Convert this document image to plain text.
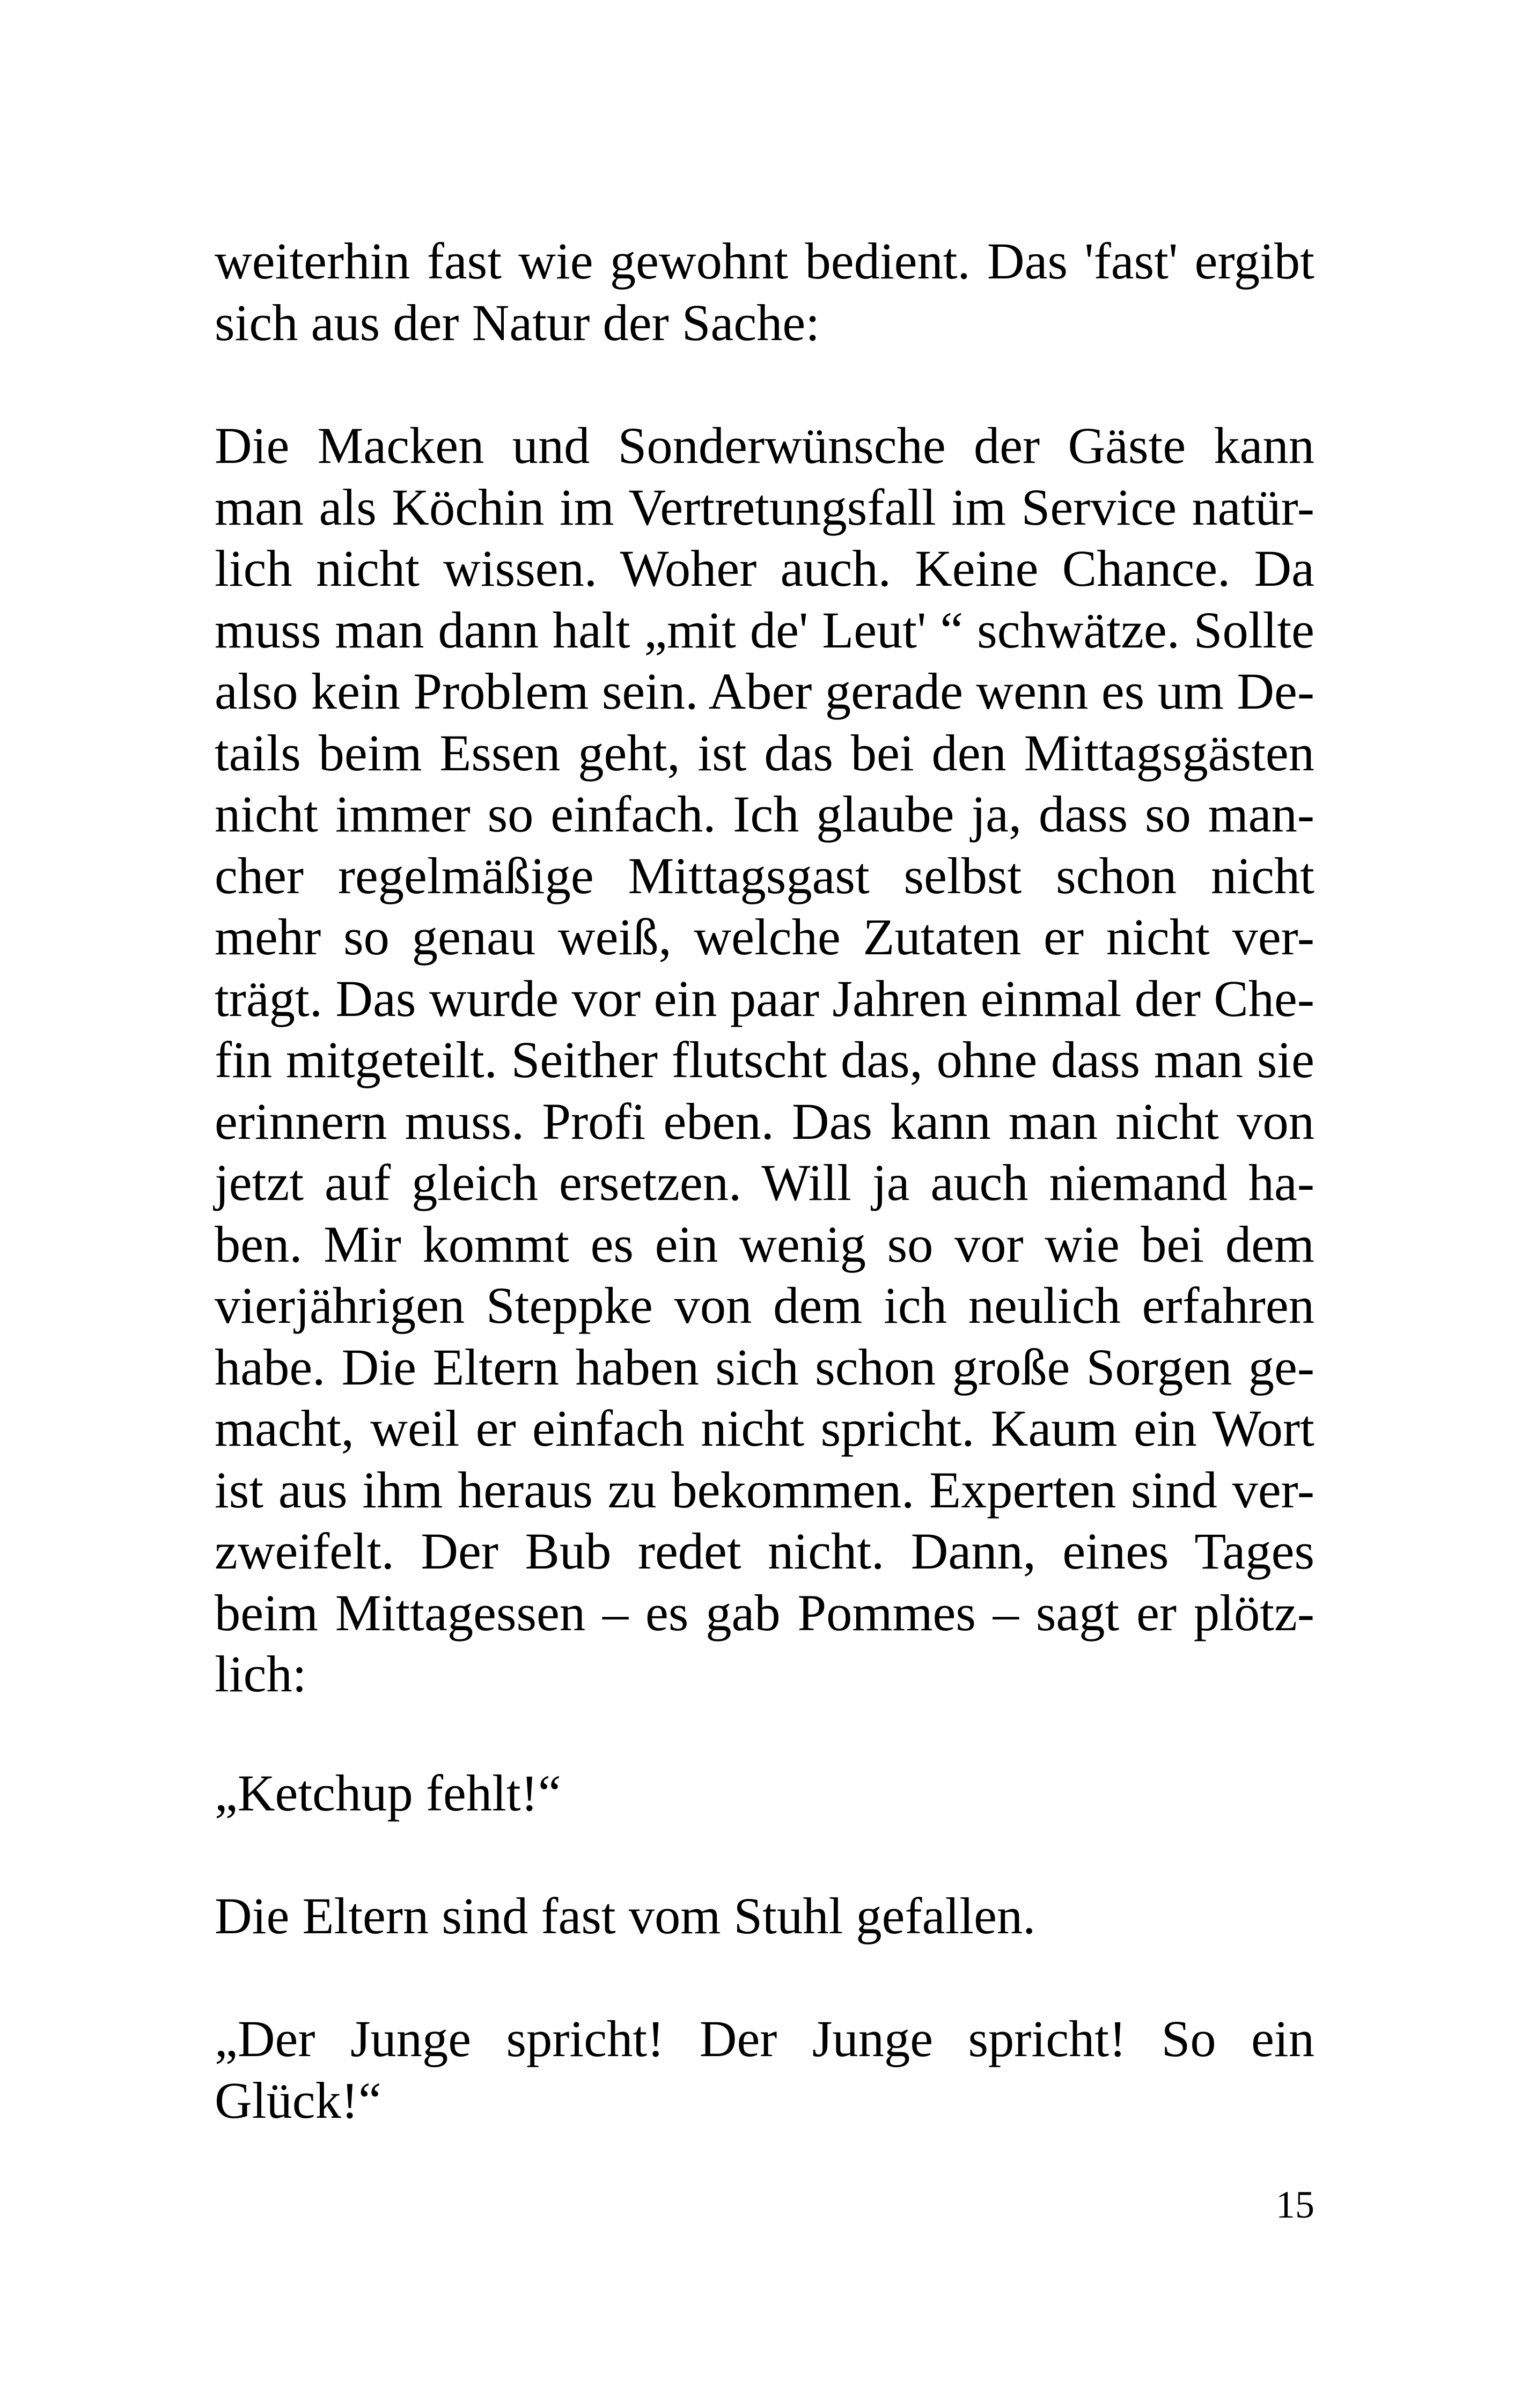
weiterhin fast wie gewohnt bedient. Das 'fast' ergibt
sich aus der Natur der Sache:
Die Macken und Sonderwünsche der Gäste kann
man als Köchin im Vertretungsfall im Service natür-
lich nicht wissen. Woher auch. Keine Chance. Da
muss man dann halt „mit de' Leut' “ schwätze. Sollte
also kein Problem sein. Aber gerade wenn es um De-
tails beim Essen geht, ist das bei den Mittagsgästen
nicht immer so einfach. Ich glaube ja, dass so man-
cher regelmäßige Mittagsgast selbst schon nicht
mehr so genau weiß, welche Zutaten er nicht ver-
trägt. Das wurde vor ein paar Jahren einmal der Che-
fin mitgeteilt. Seither flutscht das, ohne dass man sie
erinnern muss. Profi eben. Das kann man nicht von
jetzt auf gleich ersetzen. Will ja auch niemand ha-
ben. Mir kommt es ein wenig so vor wie bei dem
vierjährigen Steppke von dem ich neulich erfahren
habe. Die Eltern haben sich schon große Sorgen ge-
macht, weil er einfach nicht spricht. Kaum ein Wort
ist aus ihm heraus zu bekommen. Experten sind ver-
zweifelt. Der Bub redet nicht. Dann, eines Tages
beim Mittagessen – es gab Pommes – sagt er plötz-
lich:
„Ketchup fehlt!“
Die Eltern sind fast vom Stuhl gefallen.
„Der Junge spricht! Der Junge spricht! So ein
Glück!“
15
